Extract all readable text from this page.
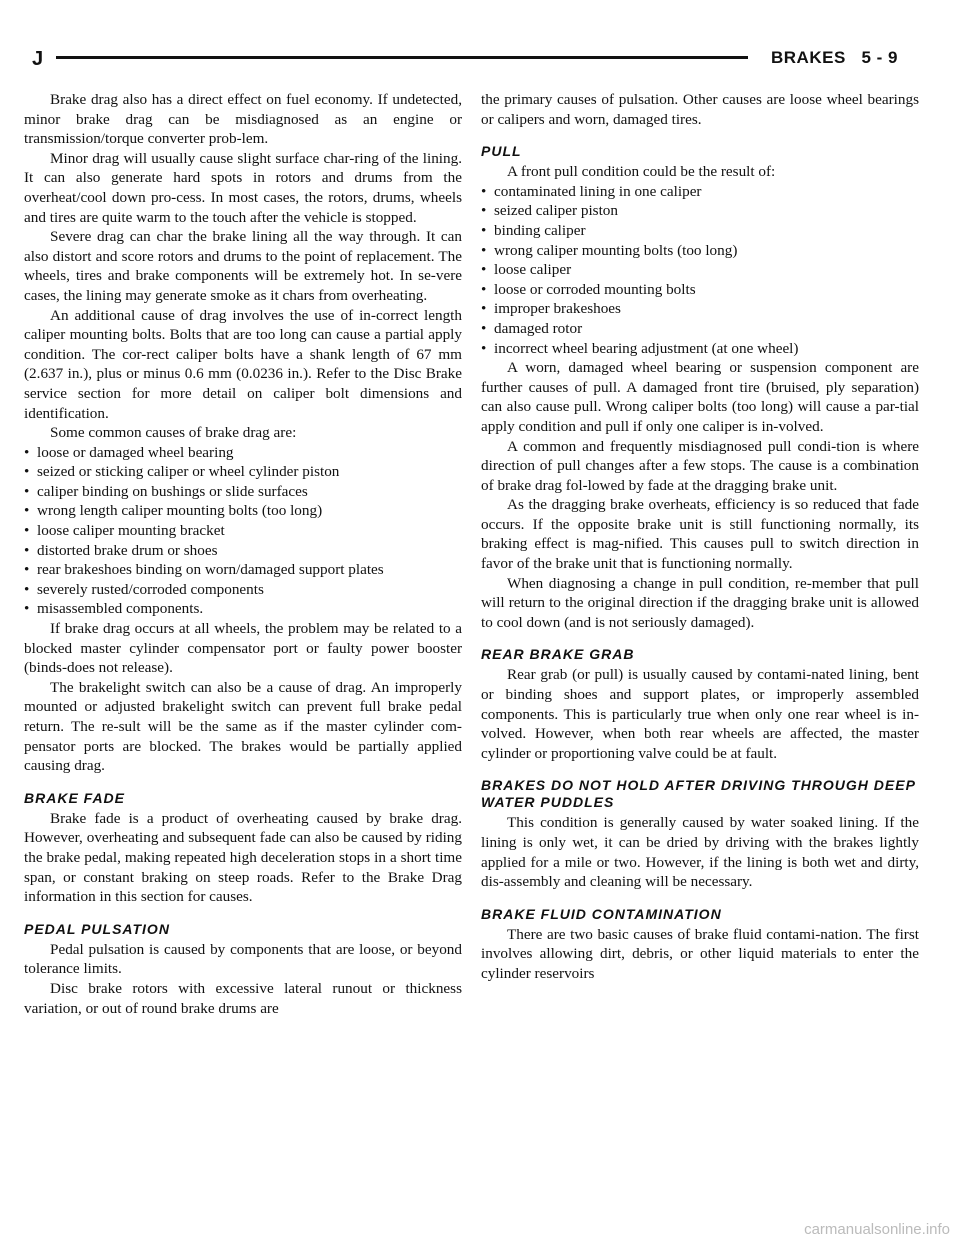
J	BRAKES 5 - 9

Brake drag also has a direct effect on fuel economy. If undetected, minor brake drag can be misdiagnosed as an engine or transmission/torque converter prob-lem.

Minor drag will usually cause slight surface char-ring of the lining. It can also generate hard spots in rotors and drums from the overheat/cool down pro-cess. In most cases, the rotors, drums, wheels and tires are quite warm to the touch after the vehicle is stopped.

Severe drag can char the brake lining all the way through. It can also distort and score rotors and drums to the point of replacement. The wheels, tires and brake components will be extremely hot. In se-vere cases, the lining may generate smoke as it chars from overheating.

An additional cause of drag involves the use of in-correct length caliper mounting bolts. Bolts that are too long can cause a partial apply condition. The cor-rect caliper bolts have a shank length of 67 mm (2.637 in.), plus or minus 0.6 mm (0.0236 in.). Refer to the Disc Brake service section for more detail on caliper bolt dimensions and identification.

Some common causes of brake drag are:

• loose or damaged wheel bearing
• seized or sticking caliper or wheel cylinder piston
• caliper binding on bushings or slide surfaces
• wrong length caliper mounting bolts (too long)
• loose caliper mounting bracket
• distorted brake drum or shoes
• rear brakeshoes binding on worn/damaged support plates
• severely rusted/corroded components
• misassembled components.

If brake drag occurs at all wheels, the problem may be related to a blocked master cylinder compensator port or faulty power booster (binds-does not release).

The brakelight switch can also be a cause of drag. An improperly mounted or adjusted brakelight switch can prevent full brake pedal return. The re-sult will be the same as if the master cylinder com-pensator ports are blocked. The brakes would be partially applied causing drag.

BRAKE FADE

Brake fade is a product of overheating caused by brake drag. However, overheating and subsequent fade can also be caused by riding the brake pedal, making repeated high deceleration stops in a short time span, or constant braking on steep roads. Refer to the Brake Drag information in this section for causes.

PEDAL PULSATION

Pedal pulsation is caused by components that are loose, or beyond tolerance limits.

Disc brake rotors with excessive lateral runout or thickness variation, or out of round brake drums are

the primary causes of pulsation. Other causes are loose wheel bearings or calipers and worn, damaged tires.

PULL

A front pull condition could be the result of:

• contaminated lining in one caliper
• seized caliper piston
• binding caliper
• wrong caliper mounting bolts (too long)
• loose caliper
• loose or corroded mounting bolts
• improper brakeshoes
• damaged rotor
• incorrect wheel bearing adjustment (at one wheel)

A worn, damaged wheel bearing or suspension component are further causes of pull. A damaged front tire (bruised, ply separation) can also cause pull. Wrong caliper bolts (too long) will cause a par-tial apply condition and pull if only one caliper is in-volved.

A common and frequently misdiagnosed pull condi-tion is where direction of pull changes after a few stops. The cause is a combination of brake drag fol-lowed by fade at the dragging brake unit.

As the dragging brake overheats, efficiency is so reduced that fade occurs. If the opposite brake unit is still functioning normally, its braking effect is mag-nified. This causes pull to switch direction in favor of the brake unit that is functioning normally.

When diagnosing a change in pull condition, re-member that pull will return to the original direction if the dragging brake unit is allowed to cool down (and is not seriously damaged).

REAR BRAKE GRAB

Rear grab (or pull) is usually caused by contami-nated lining, bent or binding shoes and support plates, or improperly assembled components. This is particularly true when only one rear wheel is in-volved. However, when both rear wheels are affected, the master cylinder or proportioning valve could be at fault.

BRAKES DO NOT HOLD AFTER DRIVING THROUGH DEEP WATER PUDDLES

This condition is generally caused by water soaked lining. If the lining is only wet, it can be dried by driving with the brakes lightly applied for a mile or two. However, if the lining is both wet and dirty, dis-assembly and cleaning will be necessary.

BRAKE FLUID CONTAMINATION

There are two basic causes of brake fluid contami-nation. The first involves allowing dirt, debris, or other liquid materials to enter the cylinder reservoirs

carmanualsonline.info
